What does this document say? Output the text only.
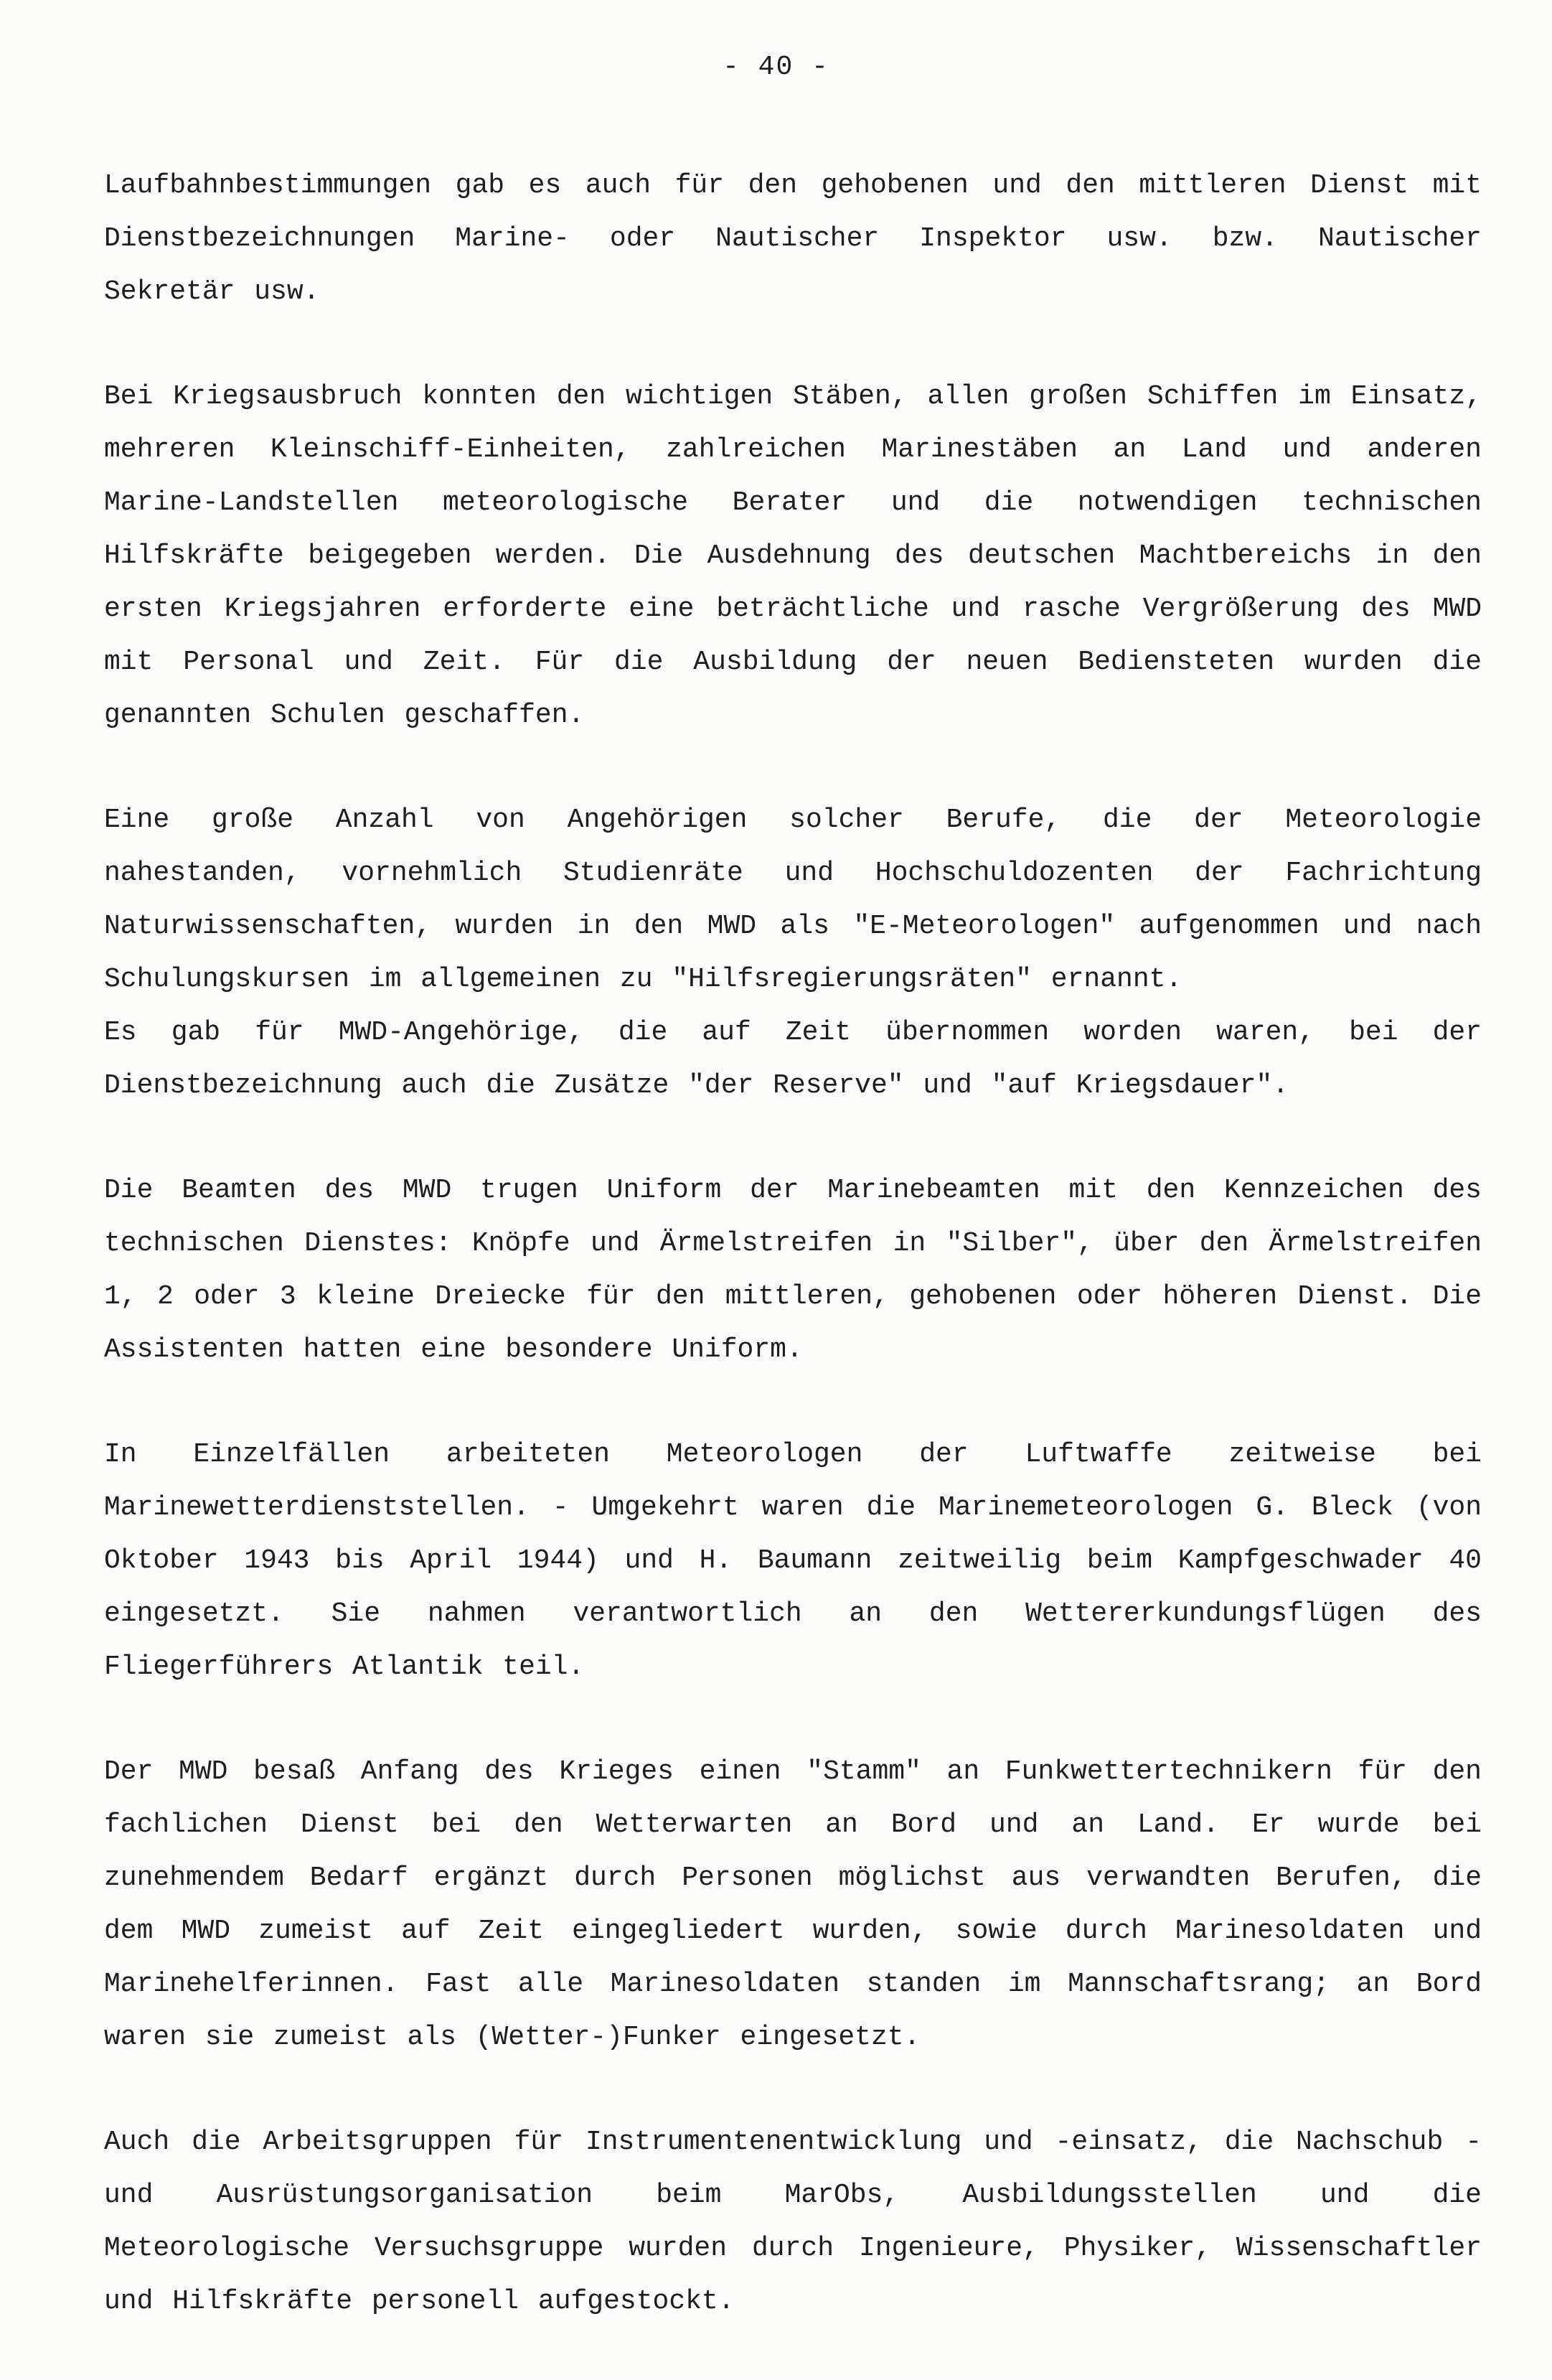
- 40 -

Laufbahnbestimmungen gab es auch für den gehobenen und den mittleren Dienst mit Dienstbezeichnungen Marine- oder Nautischer Inspektor usw. bzw. Nautischer Sekretär usw.

Bei Kriegsausbruch konnten den wichtigen Stäben, allen großen Schiffen im Einsatz, mehreren Kleinschiff-Einheiten, zahlreichen Marinestäben an Land und anderen Marine-Landstellen meteorologische Berater und die notwendigen technischen Hilfskräfte beigegeben werden. Die Ausdehnung des deutschen Machtbereichs in den ersten Kriegsjahren erforderte eine beträchtliche und rasche Vergrößerung des MWD mit Personal und Zeit. Für die Ausbildung der neuen Bediensteten wurden die genannten Schulen geschaffen.

Eine große Anzahl von Angehörigen solcher Berufe, die der Meteorologie nahestanden, vornehmlich Studienräte und Hochschuldozenten der Fachrichtung Naturwissenschaften, wurden in den MWD als "E-Meteorologen" aufgenommen und nach Schulungskursen im allgemeinen zu "Hilfsregierungsräten" ernannt.

Es gab für MWD-Angehörige, die auf Zeit übernommen worden waren, bei der Dienstbezeichnung auch die Zusätze "der Reserve" und "auf Kriegsdauer".

Die Beamten des MWD trugen Uniform der Marinebeamten mit den Kennzeichen des technischen Dienstes: Knöpfe und Ärmelstreifen in "Silber", über den Ärmelstreifen 1, 2 oder 3 kleine Dreiecke für den mittleren, gehobenen oder höheren Dienst. Die Assistenten hatten eine besondere Uniform.

In Einzelfällen arbeiteten Meteorologen der Luftwaffe zeitweise bei Marinewetterdienststellen. - Umgekehrt waren die Marinemeteorologen G. Bleck (von Oktober 1943 bis April 1944) und H. Baumann zeitweilig beim Kampfgeschwader 40 eingesetzt. Sie nahmen verantwortlich an den Wettererkundungsflügen des Fliegerführers Atlantik teil.

Der MWD besaß Anfang des Krieges einen "Stamm" an Funkwettertechnikern für den fachlichen Dienst bei den Wetterwarten an Bord und an Land. Er wurde bei zunehmendem Bedarf ergänzt durch Personen möglichst aus verwandten Berufen, die dem MWD zumeist auf Zeit eingegliedert wurden, sowie durch Marinesoldaten und Marinehelferinnen. Fast alle Marinesoldaten standen im Mannschaftsrang; an Bord waren sie zumeist als (Wetter-)Funker eingesetzt.

Auch die Arbeitsgruppen für Instrumentenentwicklung und -einsatz, die Nachschub - und Ausrüstungsorganisation beim MarObs, Ausbildungsstellen und die Meteorologische Versuchsgruppe wurden durch Ingenieure, Physiker, Wissenschaftler und Hilfskräfte personell aufgestockt.
